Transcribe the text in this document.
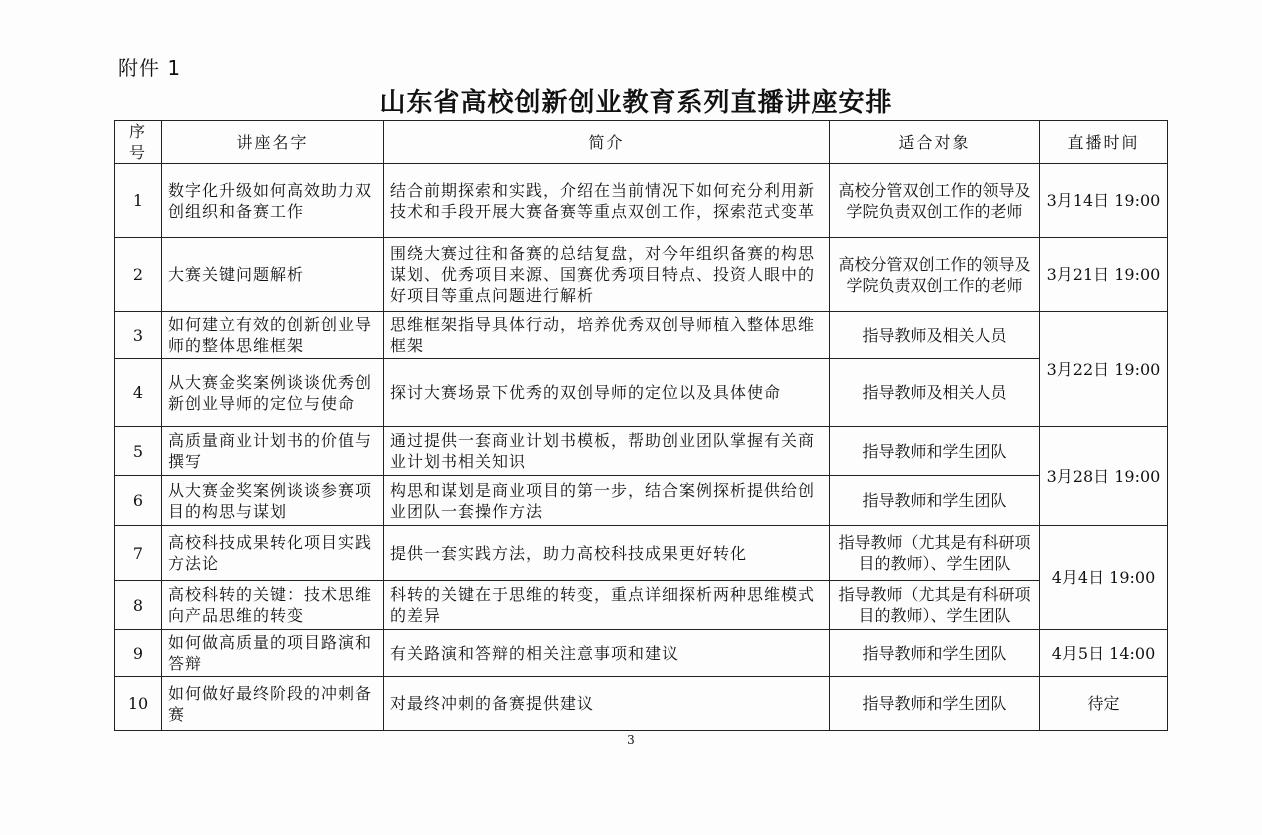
附件 1
山东省高校创新创业教育系列直播讲座安排
序号	讲座名字	简介	适合对象	直播时间
1	数字化升级如何高效助力双创组织和备赛工作	结合前期探索和实践，介绍在当前情况下如何充分利用新技术和手段开展大赛备赛等重点双创工作，探索范式变革	高校分管双创工作的领导及学院负责双创工作的老师	3月14日 19:00
2	大赛关键问题解析	围绕大赛过往和备赛的总结复盘，对今年组织备赛的构思谋划、优秀项目来源、国赛优秀项目特点、投资人眼中的好项目等重点问题进行解析	高校分管双创工作的领导及学院负责双创工作的老师	3月21日 19:00
3	如何建立有效的创新创业导师的整体思维框架	思维框架指导具体行动，培养优秀双创导师植入整体思维框架	指导教师及相关人员	3月22日 19:00
4	从大赛金奖案例谈谈优秀创新创业导师的定位与使命	探讨大赛场景下优秀的双创导师的定位以及具体使命	指导教师及相关人员	
5	高质量商业计划书的价值与撰写	通过提供一套商业计划书模板，帮助创业团队掌握有关商业计划书相关知识	指导教师和学生团队	3月28日 19:00
6	从大赛金奖案例谈谈参赛项目的构思与谋划	构思和谋划是商业项目的第一步，结合案例探析提供给创业团队一套操作方法	指导教师和学生团队	
7	高校科技成果转化项目实践方法论	提供一套实践方法，助力高校科技成果更好转化	指导教师（尤其是有科研项目的教师）、学生团队	4月4日 19:00
8	高校科转的关键：技术思维向产品思维的转变	科转的关键在于思维的转变，重点详细探析两种思维模式的差异	指导教师（尤其是有科研项目的教师）、学生团队	
9	如何做高质量的项目路演和答辩	有关路演和答辩的相关注意事项和建议	指导教师和学生团队	4月5日 14:00
10	如何做好最终阶段的冲刺备赛	对最终冲刺的备赛提供建议	指导教师和学生团队	待定
3
